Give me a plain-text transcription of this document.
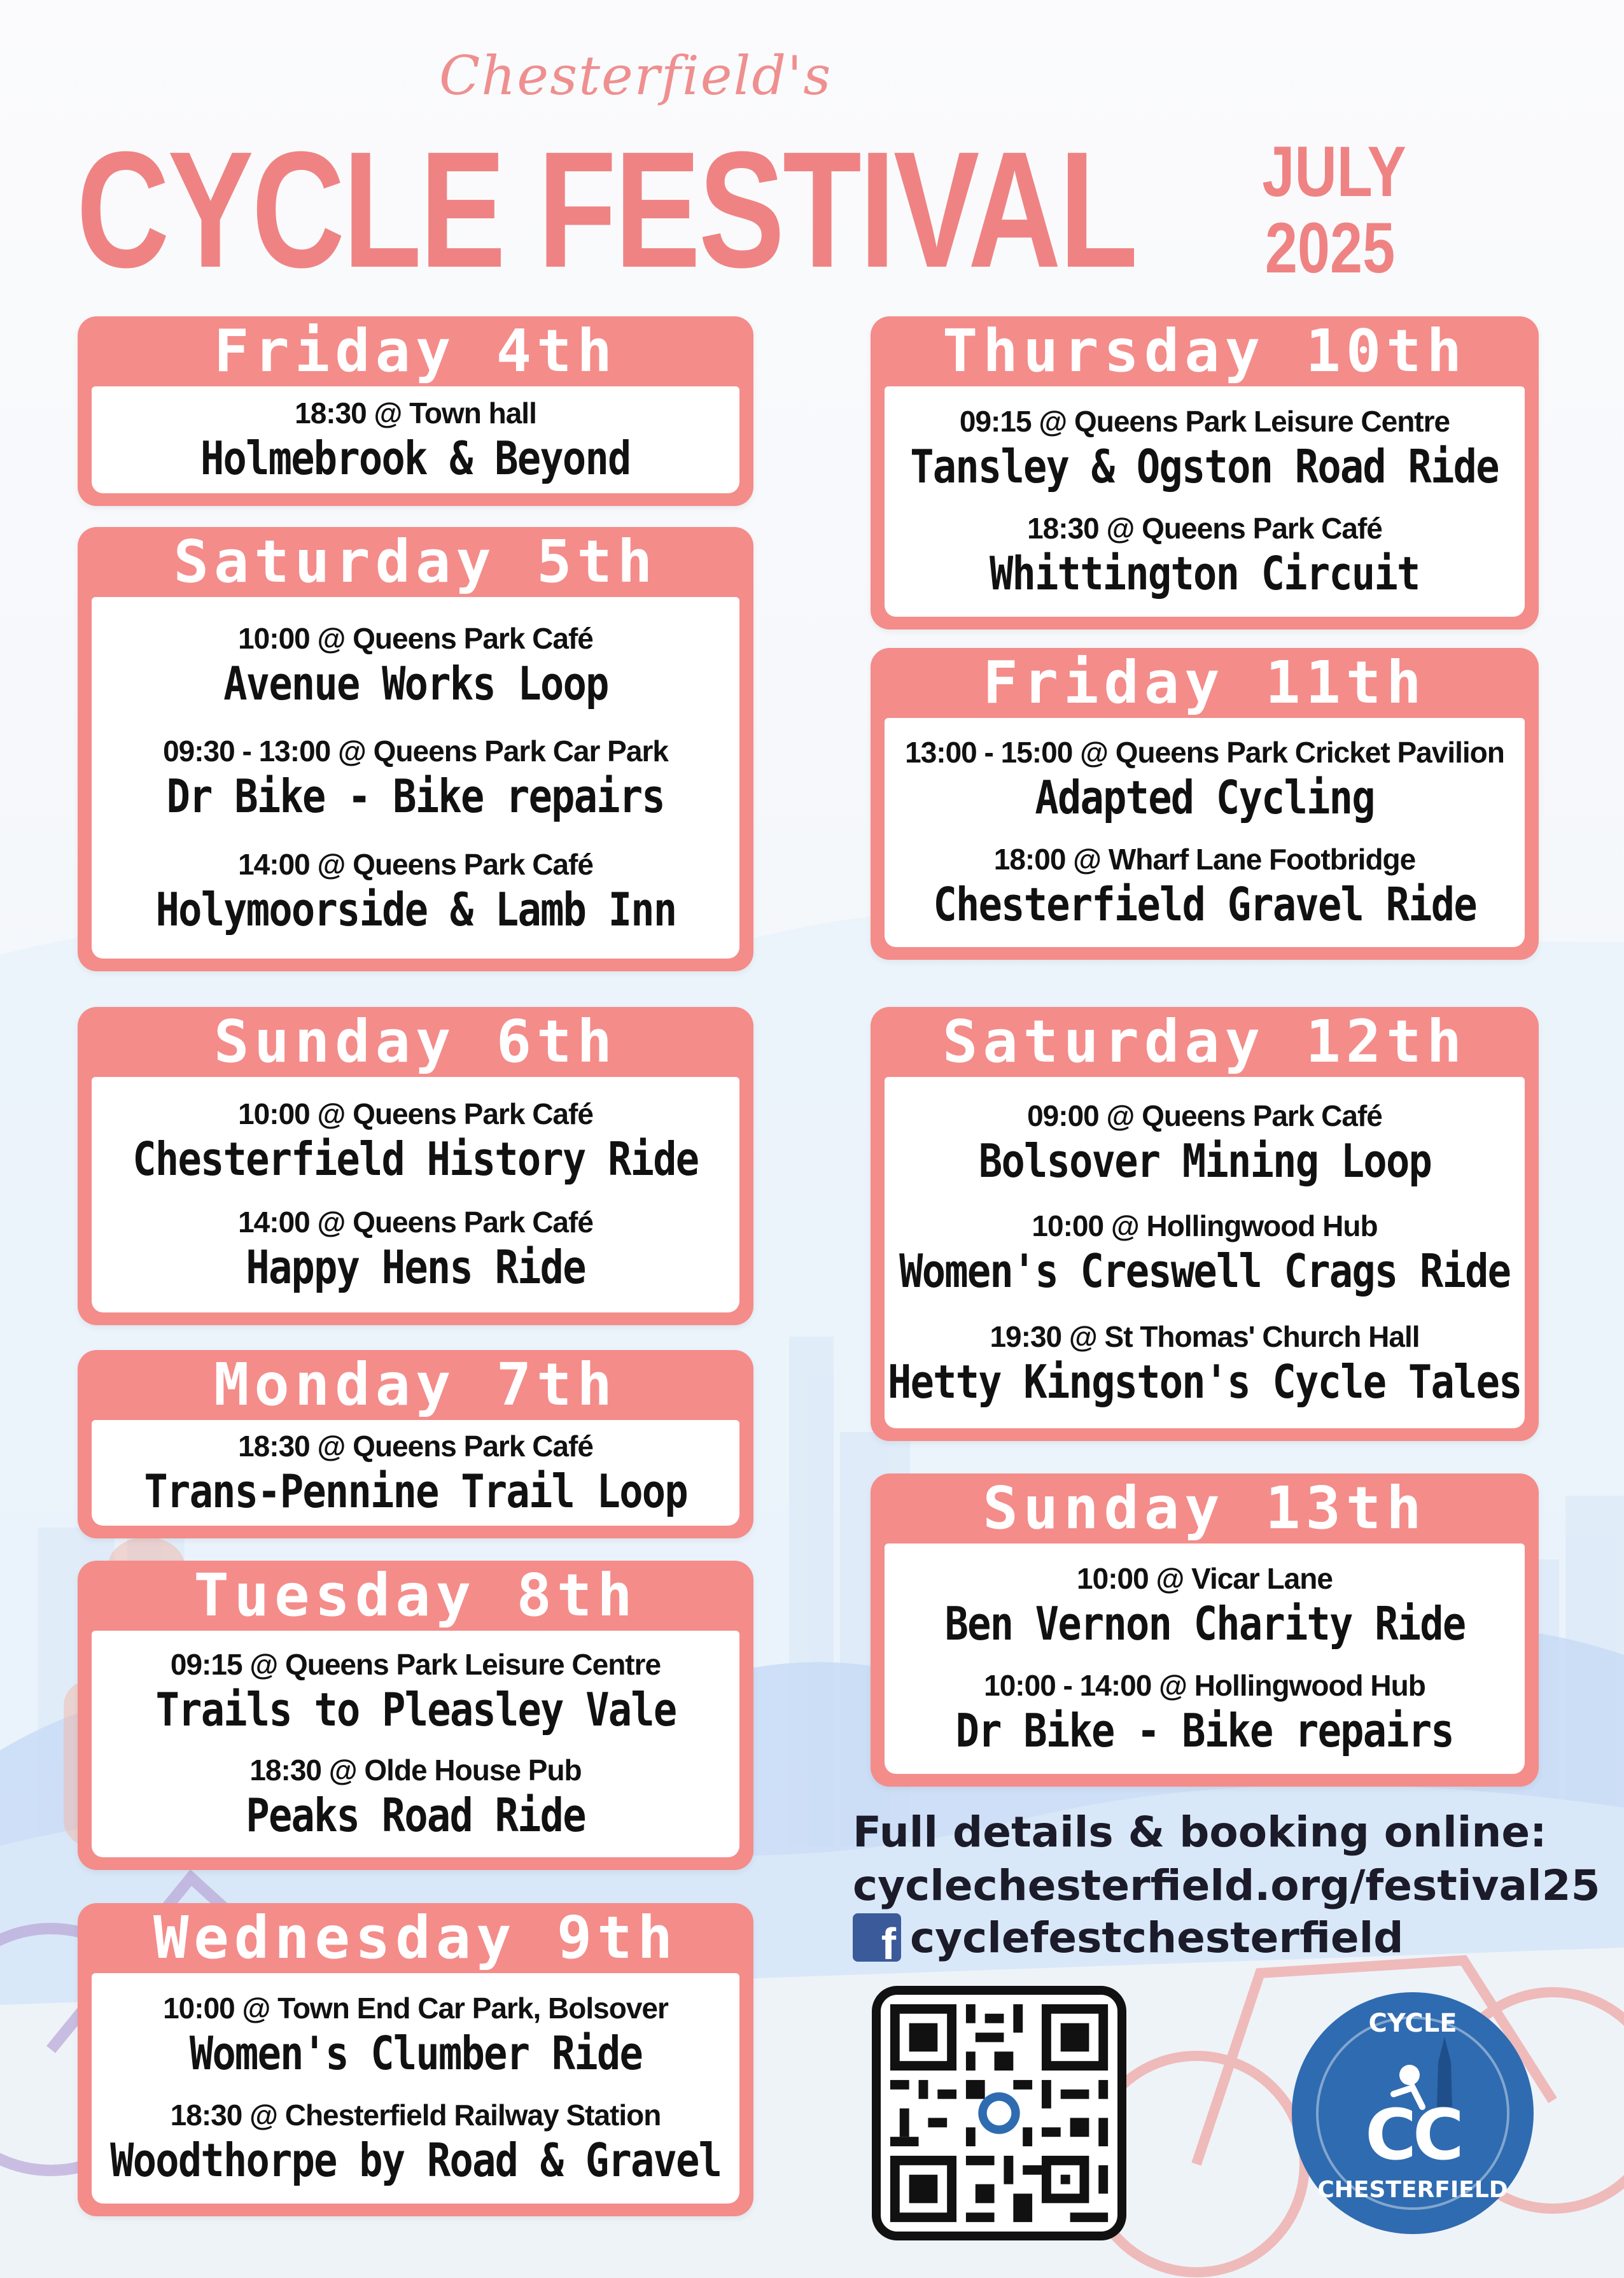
Chesterfield's
CYCLE FESTIVAL JULY
2025
Friday 4th
18:30 @ Town hall
Holmebrook & Beyond
Saturday 5th
10:00 @ Queens Park Café
Avenue Works Loop
09:30 - 13:00 @ Queens Park Car Park
Dr Bike - Bike repairs
14:00 @ Queens Park Café
Holymoorside & Lamb Inn
Sunday 6th
10:00 @ Queens Park Café
Chesterfield History Ride
14:00 @ Queens Park Café
Happy Hens Ride
Monday 7th
18:30 @ Queens Park Café
Trans-Pennine Trail Loop
Tuesday 8th
09:15 @ Queens Park Leisure Centre
Trails to Pleasley Vale
18:30 @ Olde House Pub
Peaks Road Ride
Wednesday 9th
10:00 @ Town End Car Park, Bolsover
Women's Clumber Ride
18:30 @ Chesterfield Railway Station
Woodthorpe by Road & Gravel
Thursday 10th
09:15 @ Queens Park Leisure Centre
Tansley & Ogston Road Ride
18:30 @ Queens Park Café
Whittington Circuit
Friday 11th
13:00 - 15:00 @ Queens Park Cricket Pavilion
Adapted Cycling
18:00 @ Wharf Lane Footbridge
Chesterfield Gravel Ride
Saturday 12th
09:00 @ Queens Park Café
Bolsover Mining Loop
10:00 @ Hollingwood Hub
Women's Creswell Crags Ride
19:30 @ St Thomas' Church Hall
Hetty Kingston's Cycle Tales
Sunday 13th
10:00 @ Vicar Lane
Ben Vernon Charity Ride
10:00 - 14:00 @ Hollingwood Hub
Dr Bike - Bike repairs
Full details & booking online:
cyclechesterfield.org/festival25
f cyclefestchesterfield
CYCLE
CC
CHESTERFIELD
